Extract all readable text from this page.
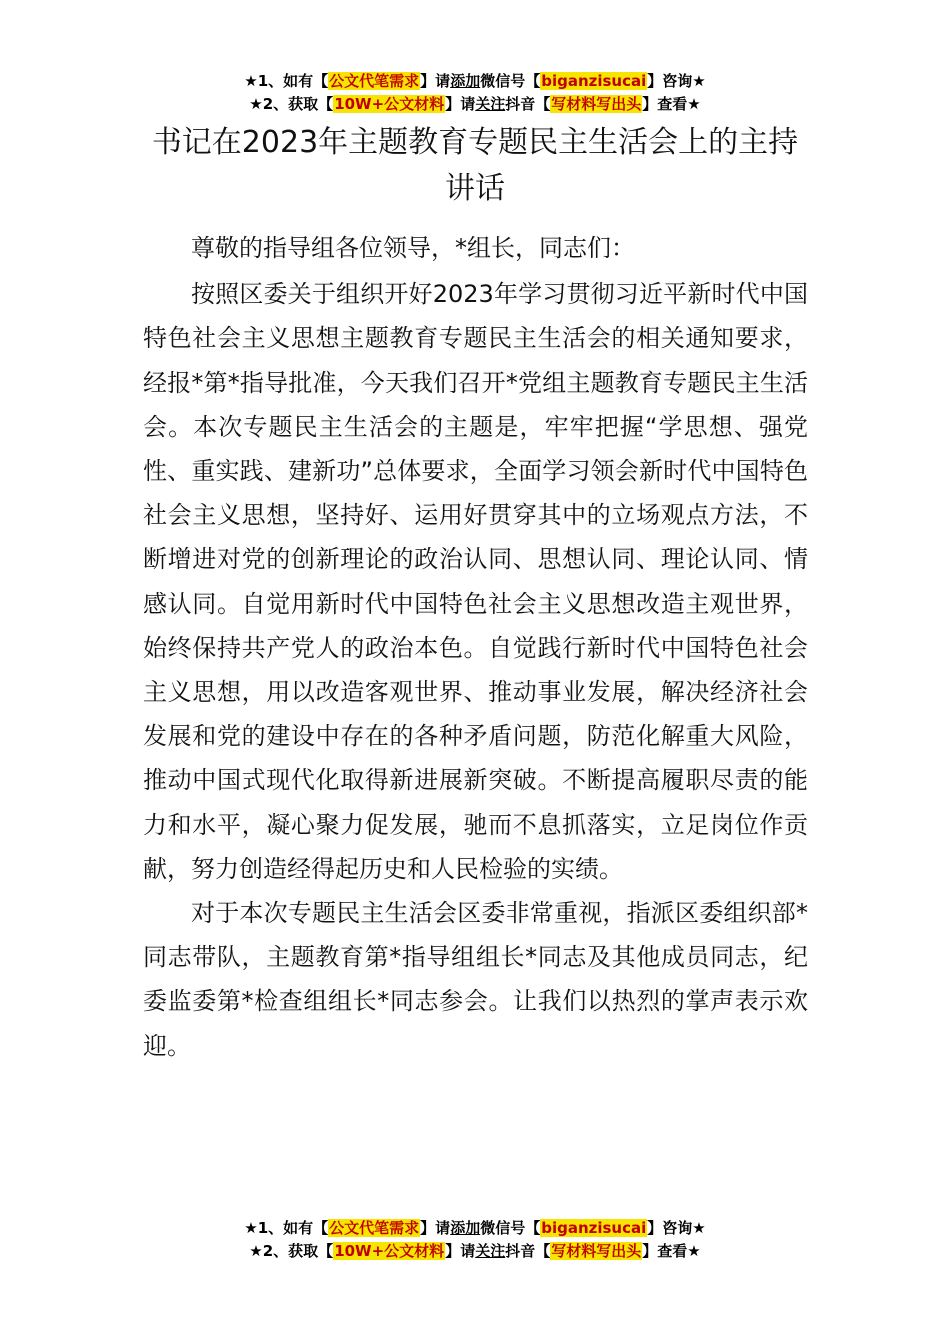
★1、如有【公文代笔需求】请添加微信号【biganzisucai】咨询★
★2、获取【10W+公文材料】请关注抖音【写材料写出头】查看★
书记在2023年主题教育专题民主生活会上的主持讲话

尊敬的指导组各位领导，*组长，同志们：

按照区委关于组织开好2023年学习贯彻习近平新时代中国特色社会主义思想主题教育专题民主生活会的相关通知要求，经报*第*指导批准，今天我们召开*党组主题教育专题民主生活会。本次专题民主生活会的主题是，牢牢把握“学思想、强党性、重实践、建新功”总体要求，全面学习领会新时代中国特色社会主义思想，坚持好、运用好贯穿其中的立场观点方法，不断增进对党的创新理论的政治认同、思想认同、理论认同、情感认同。自觉用新时代中国特色社会主义思想改造主观世界，始终保持共产党人的政治本色。自觉践行新时代中国特色社会主义思想，用以改造客观世界、推动事业发展，解决经济社会发展和党的建设中存在的各种矛盾问题，防范化解重大风险，推动中国式现代化取得新进展新突破。不断提高履职尽责的能力和水平，凝心聚力促发展，驰而不息抓落实，立足岗位作贡献，努力创造经得起历史和人民检验的实绩。

对于本次专题民主生活会区委非常重视，指派区委组织部*同志带队，主题教育第*指导组组长*同志及其他成员同志，纪委监委第*检查组组长*同志参会。让我们以热烈的掌声表示欢迎。

★1、如有【公文代笔需求】请添加微信号【biganzisucai】咨询★
★2、获取【10W+公文材料】请关注抖音【写材料写出头】查看★
